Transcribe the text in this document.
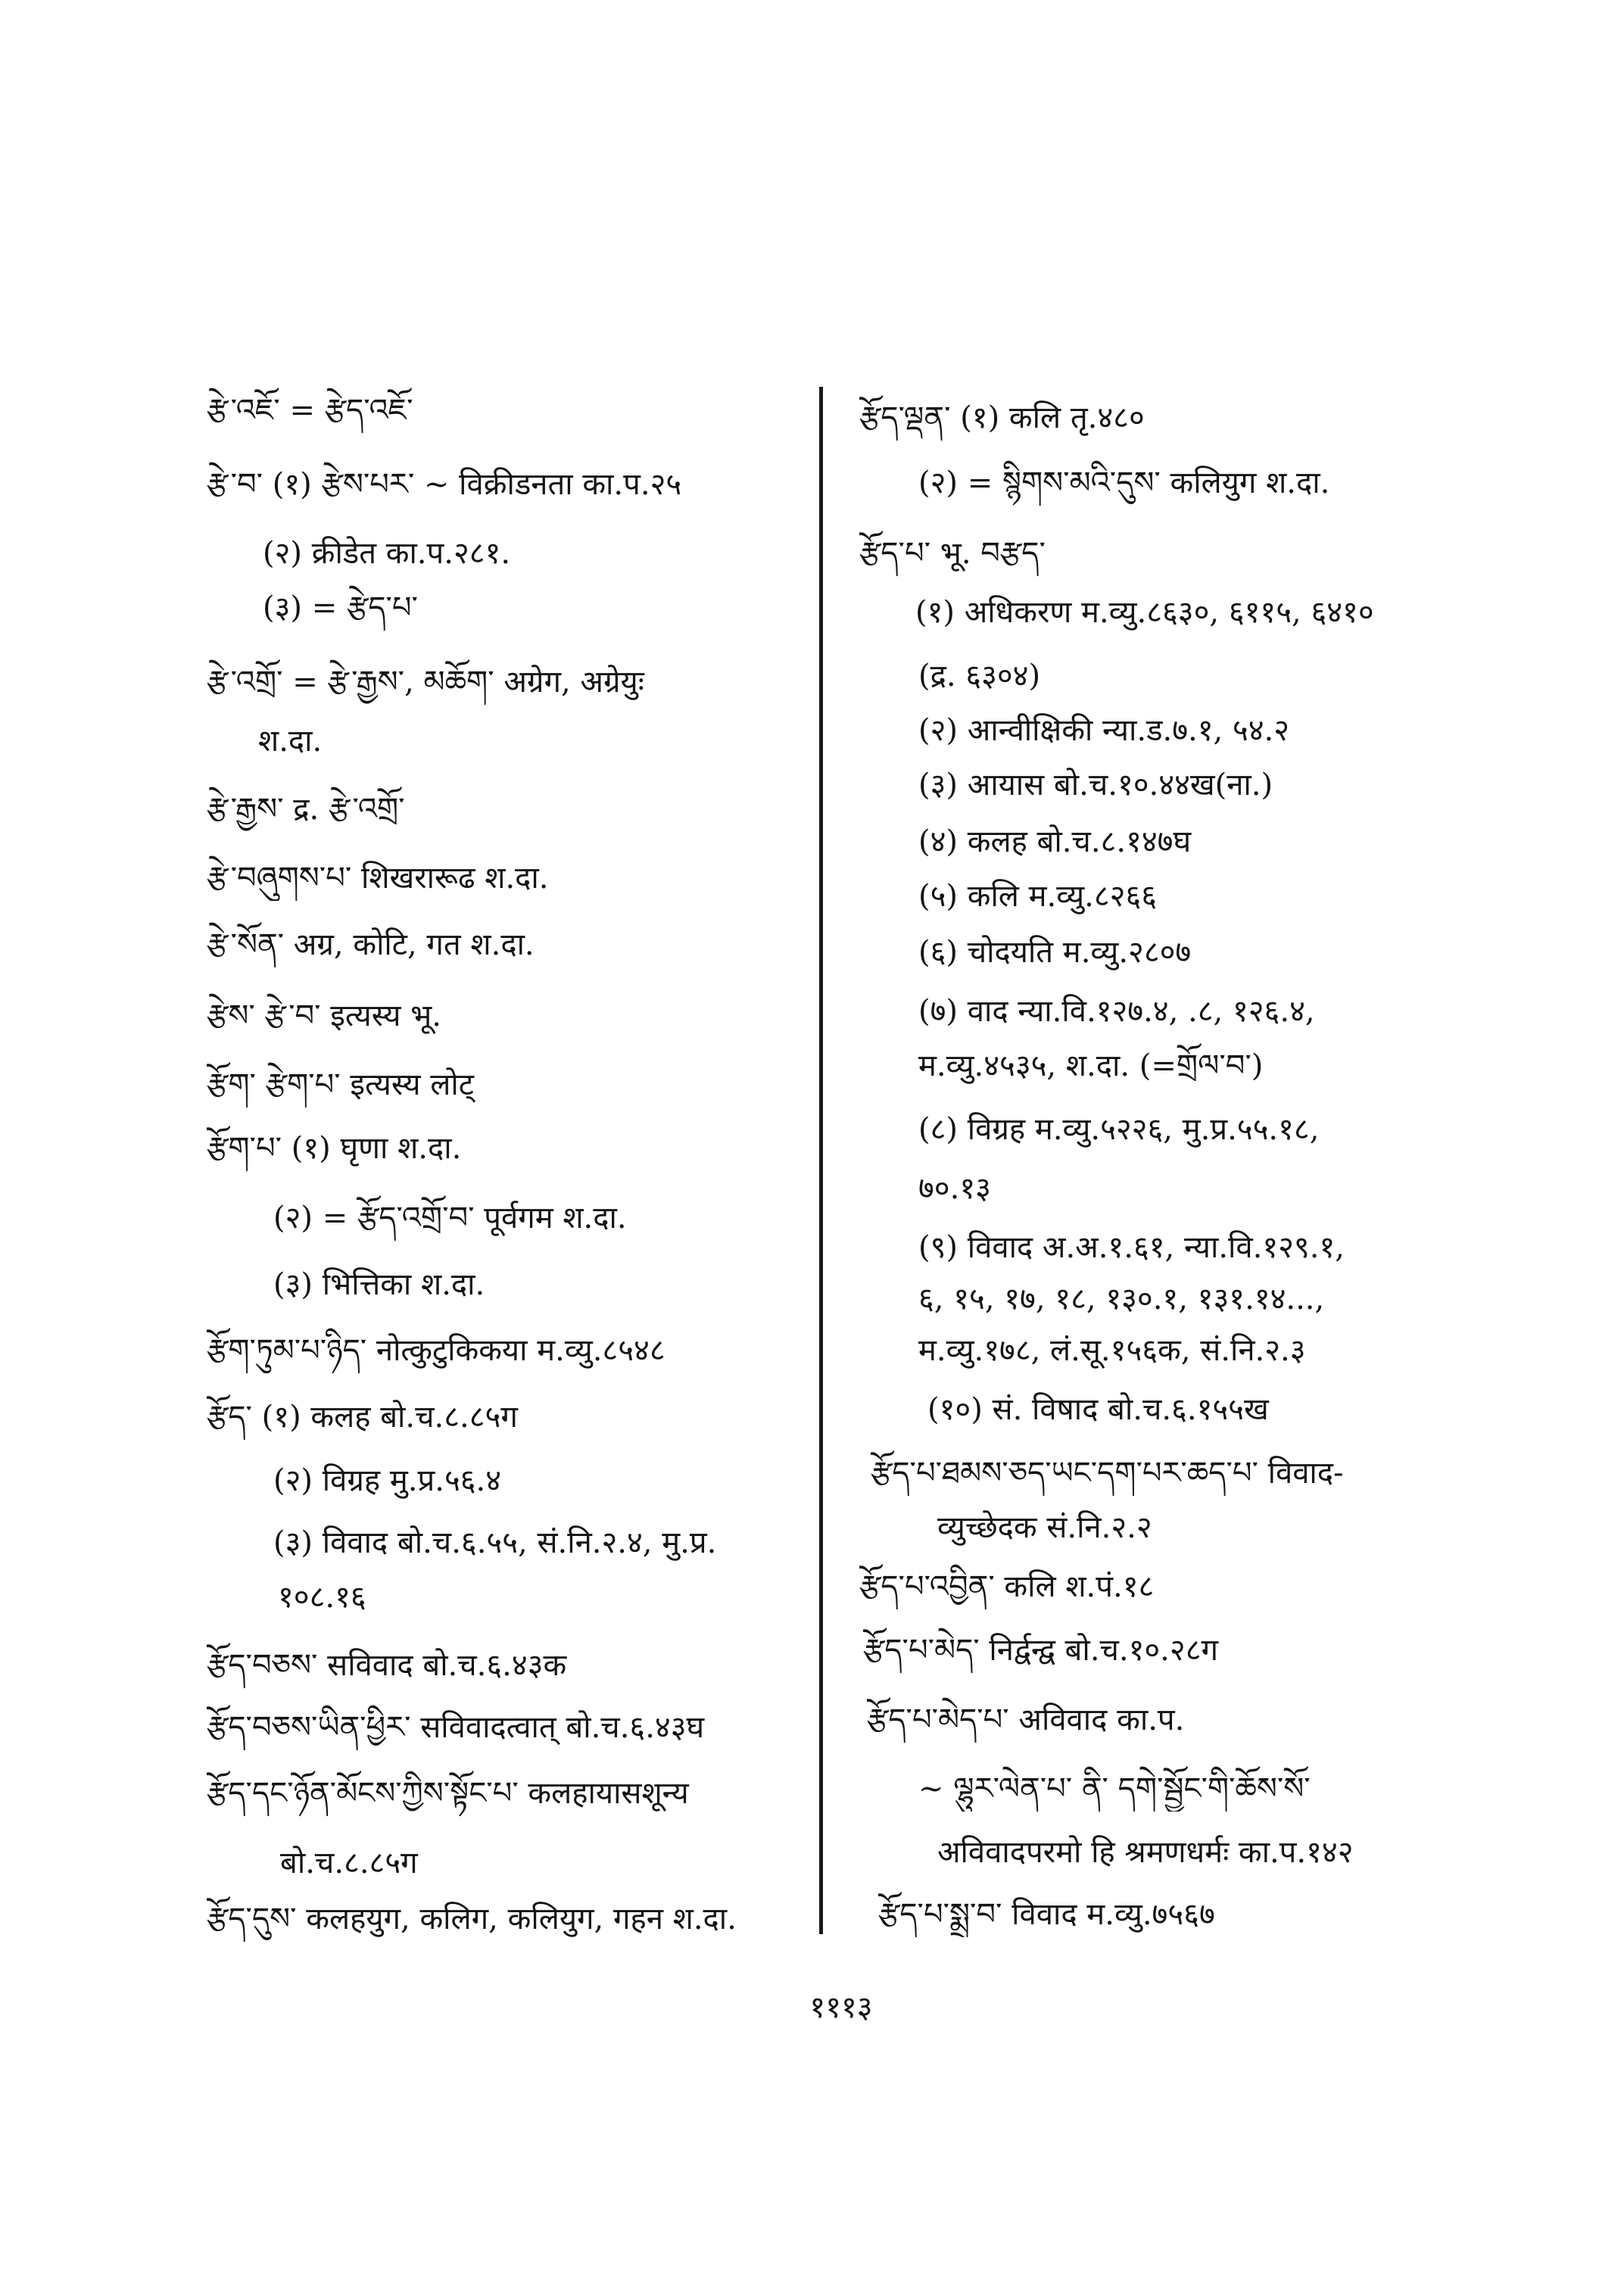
རྩེ་འཇོ་ = རྩེད་འཇོ་
རྩེ་བ་ (१) རྩེས་པར་ ~ विक्रीडनता का.प.२५
(२) क्रीडेत का.प.२८१.
(३) = རྩེད་པ་
རྩེ་འགྲོ་ = རྩེ་རྒྱས་, མཆོག་ अग्रेग, अग्रेयुः
श.दा.
རྩེ་རྒྱས་ द्र. རྩེ་འགྲོ་
རྩེ་བཞུགས་པ་ शिखरारूढ श.दा.
རྩེ་སོན་ अग्र, कोटि, गत श.दा.
རྩེས་ རྩེ་བ་ इत्यस्य भू.
རྩོག་ རྩེག་པ་ इत्यस्य लोट्
རྩོག་པ་ (१) घृणा श.दा.
(२) = རྩོད་འགྲོ་བ་ पूर्वगम श.दा.
(३) भित्तिका श.दा.
རྩོག་ཏུམ་པ་ཉིད་ नोत्कुटुकिकया म.व्यु.८५४८
རྩོད་ (१) कलह बो.च.८.८५ग
(२) विग्रह मु.प्र.५६.४
(३) विवाद बो.च.६.५५, सं.नि.२.४, मु.प्र.
१०८.१६
རྩོད་བཅས་ सविवाद बो.च.६.४३क
རྩོད་བཅས་ཡིན་ཕྱིར་ सविवादत्वात् बो.च.६.४३घ
རྩོད་དང་ཉོན་མོངས་ཀྱིས་སྟོང་པ་ कलहायासशून्य
बो.च.८.८५ग
རྩོད་དུས་ कलहयुग, कलिग, कलियुग, गहन श.दा.
རྩོད་ལྡན་ (१) कलि तृ.४८०
(२) = སྙིགས་མའི་དུས་ कलियुग श.दा.
རྩོད་པ་ भू. བརྩད་
(१) अधिकरण म.व्यु.८६३०, ६११५, ६४१०
(द्र. ६३०४)
(२) आन्वीक्षिकी न्या.ड.७.१, ५४.२
(३) आयास बो.च.१०.४४ख(ना.)
(४) कलह बो.च.८.१४७घ
(५) कलि म.व्यु.८२६६
(६) चोदयति म.व्यु.२८०७
(७) वाद न्या.वि.१२७.४, .८, १२६.४,
म.व्यु.४५३५, श.दा. (=གྲོལ་བ་)
(८) विग्रह म.व्यु.५२२६, मु.प्र.५५.१८,
७०.१३
(९) विवाद अ.अ.१.६१, न्या.वि.१२९.१,
६, १५, १७, १८, १३०.१, १३१.१४...,
म.व्यु.१७८, लं.सू.१५६क, सं.नि.२.३
(१०) सं. विषाद बो.च.६.१५५ख
རྩོད་པ་ཐམས་ཅད་ཡང་དག་པར་ཆད་པ་ विवाद-
व्युच्छेदक सं.नि.२.२
རྩོད་པ་འབྱིན་ कलि श.पं.१८
རྩོད་པ་མེད་ निर्द्वन्द्व बो.च.१०.२८ग
རྩོད་པ་མེད་པ་ अविवाद का.प.
~ ལྷུར་ལེན་པ་ ནི་ དགེ་སྦྱོང་གི་ཆོས་སོ་
अविवादपरमो हि श्रमणधर्मः का.प.१४२
རྩོད་པ་སྨྲ་བ་ विवाद म.व्यु.७५६७
१११३
